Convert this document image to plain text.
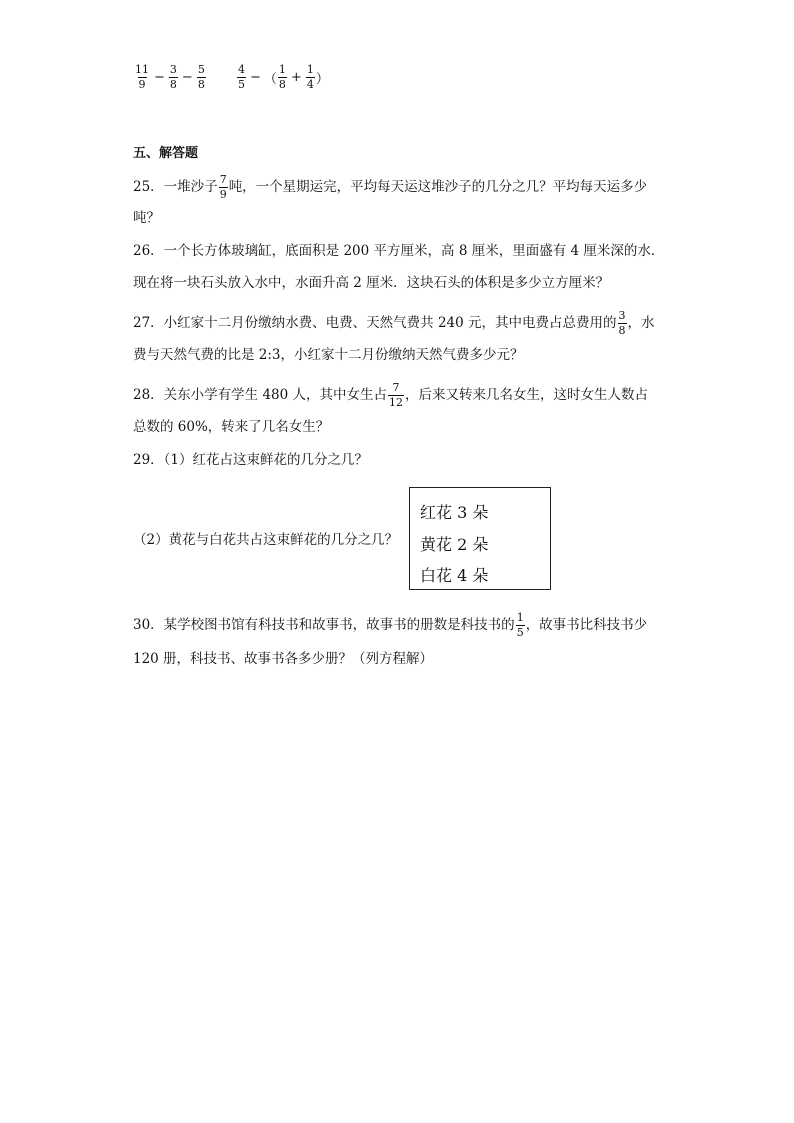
$\frac{11}{9} - \frac{3}{8} - \frac{5}{8}$	$\frac{4}{5}$ − （ $\frac{1}{8} + \frac{1}{4}$ ）
五、解答题
25．一堆沙子 $\frac{7}{9}$ 吨，一个星期运完，平均每天运这堆沙子的几分之几？平均每天运多少
吨？
26．一个长方体玻璃缸，底面积是 200 平方厘米，高 8 厘米，里面盛有 4 厘米深的水．
现在将一块石头放入水中，水面升高 2 厘米．这块石头的体积是多少立方厘米？
27．小红家十二月份缴纳水费、电费、天然气费共 240 元，其中电费占总费用的 $\frac{3}{8}$ ，水
费与天然气费的比是 2:3，小红家十二月份缴纳天然气费多少元？
28．关东小学有学生 480 人，其中女生占 $\frac{7}{12}$ ，后来又转来几名女生，这时女生人数占
总数的 60%，转来了几名女生？
29．（1）红花占这束鲜花的几分之几？
（2）黄花与白花共占这束鲜花的几分之几？
红花 3 朵
黄花 2 朵
白花 4 朵
30．某学校图书馆有科技书和故事书，故事书的册数是科技书的 $\frac{1}{5}$ ，故事书比科技书少
120 册，科技书、故事书各多少册？（列方程解）
